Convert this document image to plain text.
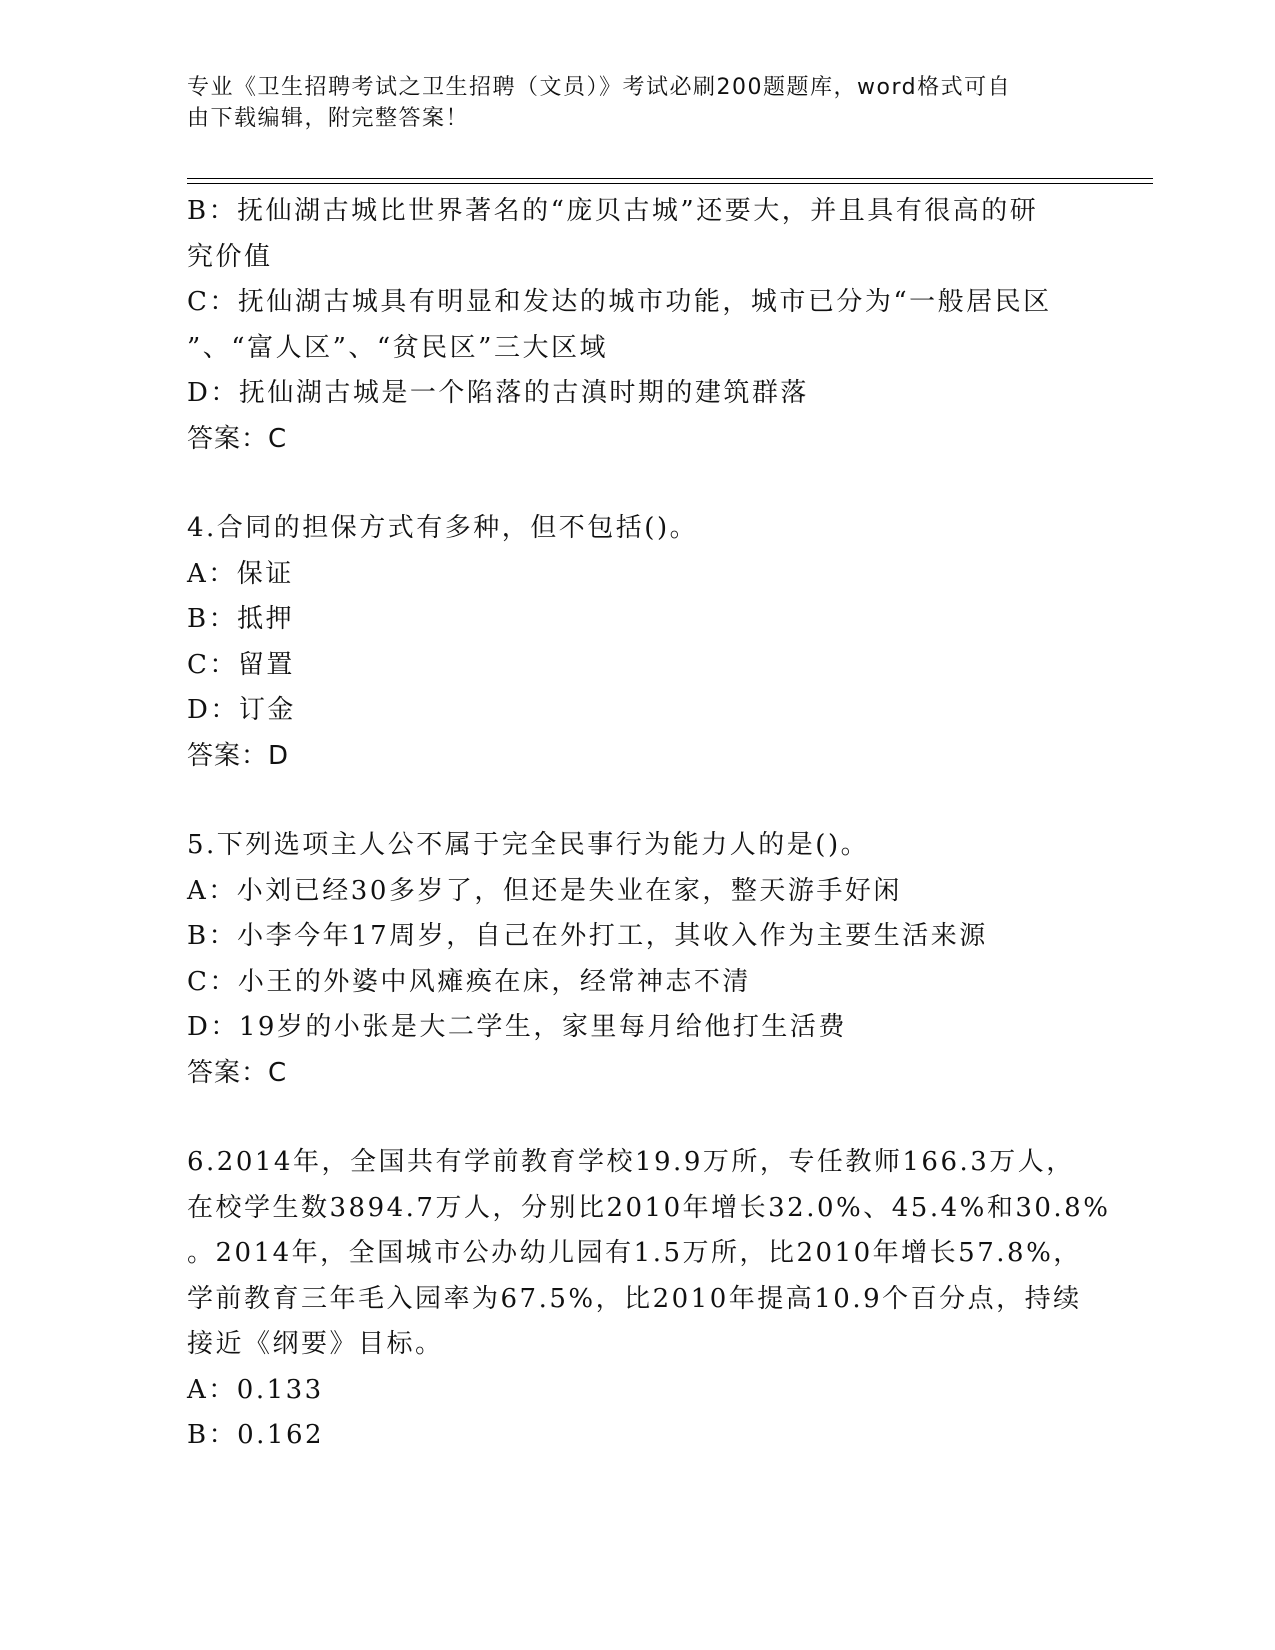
专业《卫生招聘考试之卫生招聘（文员）》考试必刷200题题库，word格式可自
由下载编辑，附完整答案！
B：抚仙湖古城比世界著名的“庞贝古城”还要大，并且具有很高的研
究价值
C：抚仙湖古城具有明显和发达的城市功能，城市已分为“一般居民区
”、“富人区”、“贫民区”三大区域
D：抚仙湖古城是一个陷落的古滇时期的建筑群落
答案：C
4.合同的担保方式有多种，但不包括()。
A：保证
B：抵押
C：留置
D：订金
答案：D
5.下列选项主人公不属于完全民事行为能力人的是()。
A：小刘已经30多岁了，但还是失业在家，整天游手好闲
B：小李今年17周岁，自己在外打工，其收入作为主要生活来源
C：小王的外婆中风瘫痪在床，经常神志不清
D：19岁的小张是大二学生，家里每月给他打生活费
答案：C
6.2014年，全国共有学前教育学校19.9万所，专任教师166.3万人，
在校学生数3894.7万人，分别比2010年增长32.0%、45.4%和30.8%
。2014年，全国城市公办幼儿园有1.5万所，比2010年增长57.8%，
学前教育三年毛入园率为67.5%，比2010年提高10.9个百分点，持续
接近《纲要》目标。
A：0.133
B：0.162
